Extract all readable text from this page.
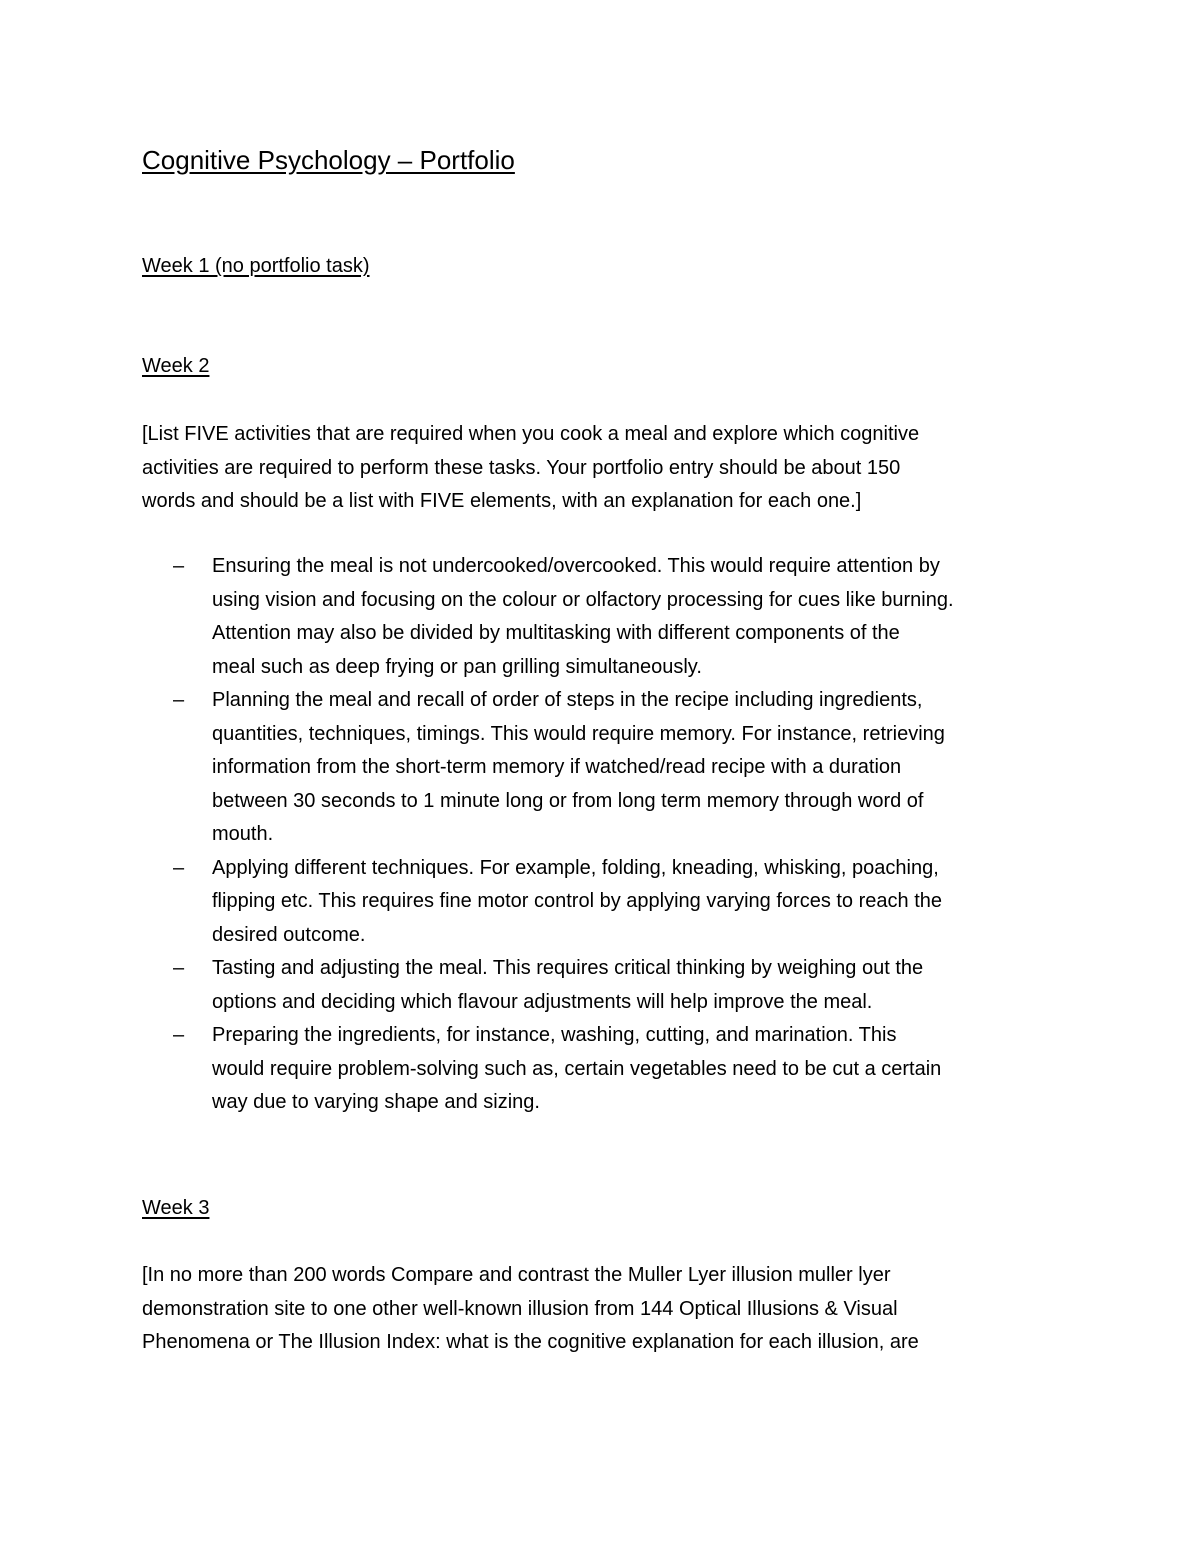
Cognitive Psychology – Portfolio
Week 1 (no portfolio task)
Week 2

[List FIVE activities that are required when you cook a meal and explore which cognitive
activities are required to perform these tasks. Your portfolio entry should be about 150
words and should be a list with FIVE elements, with an explanation for each one.]

– Ensuring the meal is not undercooked/overcooked. This would require attention by
using vision and focusing on the colour or olfactory processing for cues like burning.
Attention may also be divided by multitasking with different components of the
meal such as deep frying or pan grilling simultaneously.
– Planning the meal and recall of order of steps in the recipe including ingredients,
quantities, techniques, timings. This would require memory. For instance, retrieving
information from the short-term memory if watched/read recipe with a duration
between 30 seconds to 1 minute long or from long term memory through word of
mouth.
– Applying different techniques. For example, folding, kneading, whisking, poaching,
flipping etc. This requires fine motor control by applying varying forces to reach the
desired outcome.
– Tasting and adjusting the meal. This requires critical thinking by weighing out the
options and deciding which flavour adjustments will help improve the meal.
– Preparing the ingredients, for instance, washing, cutting, and marination. This
would require problem-solving such as, certain vegetables need to be cut a certain
way due to varying shape and sizing.
Week 3

[In no more than 200 words Compare and contrast the Muller Lyer illusion muller lyer
demonstration site to one other well-known illusion from 144 Optical Illusions & Visual
Phenomena or The Illusion Index: what is the cognitive explanation for each illusion, are
